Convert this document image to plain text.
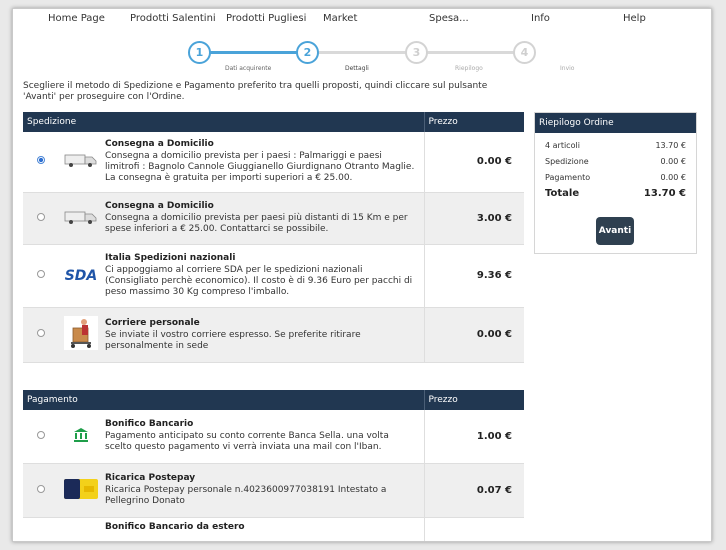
Home Page	Prodotti Salentini Prodotti Pugliesi Market	Spesa...	Info	Help
1	2	3	4
Dati acquirente	Dettagli	Riepilogo	Invio
Scegliere il metodo di Spedizione e Pagamento preferito tra quelli proposti, quindi cliccare sul pulsante 'Avanti' per proseguire con l'Ordine.
Spedizione			Prezzo

Consegna a Domicilio
Consegna a domicilio prevista per i paesi : Palmariggi e paesi limitrofi : Bagnolo Cannole Giuggianello Giurdignano Otranto Maglie. La consegna è gratuita per importi superiori a € 25.00.	0.00 €

Consegna a Domicilio
Consegna a domicilio prevista per paesi più distanti di 15 Km e per spese inferiori a € 25.00. Contattarci se possibile.	3.00 €
	SDA	Italia Spedizioni nazionali
Ci appoggiamo al corriere SDA per le spedizioni nazionali (Consigliato perchè economico). Il costo è di 9.36 Euro per pacchi di peso massimo 30 Kg compreso l'imballo.	9.36 €

Corriere personale
Se inviate il vostro corriere espresso. Se preferite ritirare personalmente in sede	0.00 €
Pagamento			Prezzo

Bonifico Bancario
Pagamento anticipato su conto corrente Banca Sella. una volta scelto questo pagamento vi verrà inviata una mail con l'Iban.	1.00 €

Ricarica Postepay
Ricarica Postepay personale n.4023600977038191 Intestato a Pellegrino Donato	0.07 €

		Bonifico Bancario da estero	

Riepilogo Ordine
4 articoli	13.70 €
Spedizione	0.00 €
Pagamento	0.00 €
Totale	13.70 €
Avanti
